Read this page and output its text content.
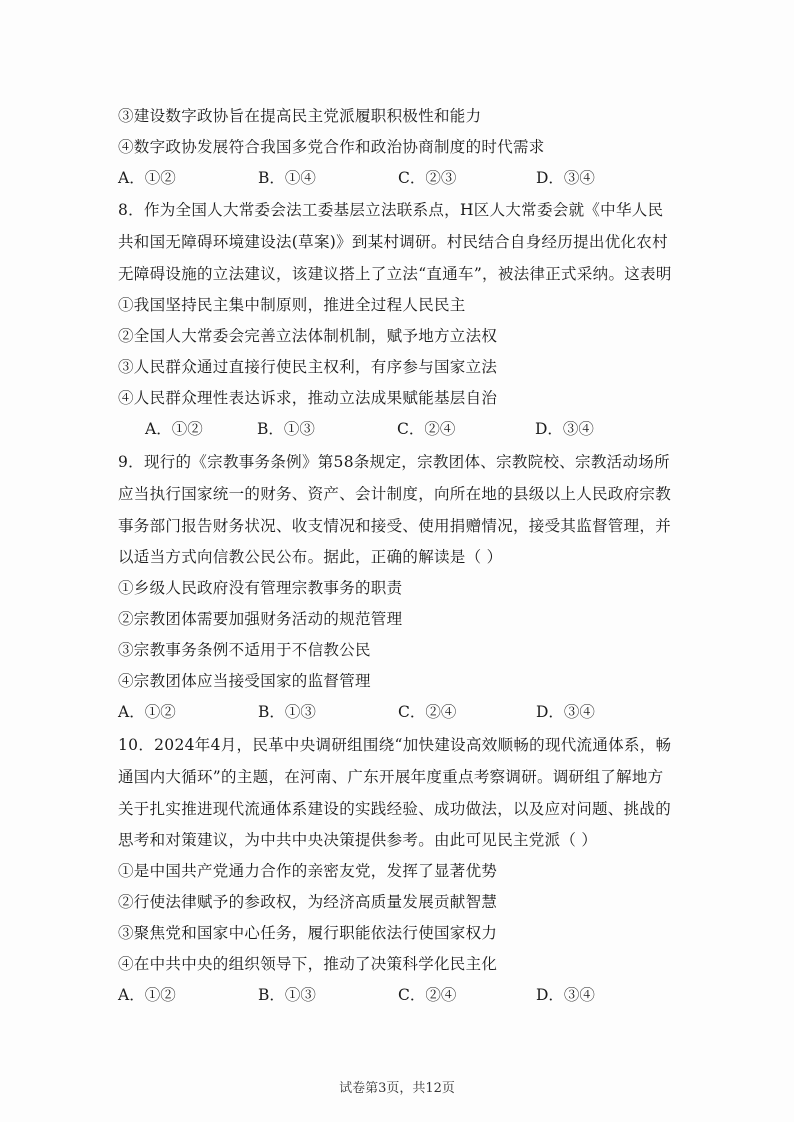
③建设数字政协旨在提高民主党派履职积极性和能力
④数字政协发展符合我国多党合作和政治协商制度的时代需求
A．①②	B．①④	C．②③	D．③④
8．作为全国人大常委会法工委基层立法联系点，H区人大常委会就《中华人民
共和国无障碍环境建设法(草案)》到某村调研。村民结合自身经历提出优化农村
无障碍设施的立法建议，该建议搭上了立法“直通车”，被法律正式采纳。这表明
①我国坚持民主集中制原则，推进全过程人民民主
②全国人大常委会完善立法体制机制，赋予地方立法权
③人民群众通过直接行使民主权利，有序参与国家立法
④人民群众理性表达诉求，推动立法成果赋能基层自治
A．①②	B．①③	C．②④	D．③④
9．现行的《宗教事务条例》第58条规定，宗教团体、宗教院校、宗教活动场所
应当执行国家统一的财务、资产、会计制度，向所在地的县级以上人民政府宗教
事务部门报告财务状况、收支情况和接受、使用捐赠情况，接受其监督管理，并
以适当方式向信教公民公布。据此，正确的解读是（ ）
①乡级人民政府没有管理宗教事务的职责
②宗教团体需要加强财务活动的规范管理
③宗教事务条例不适用于不信教公民
④宗教团体应当接受国家的监督管理
A．①②	B．①③	C．②④	D．③④
10．2024年4月，民革中央调研组围绕“加快建设高效顺畅的现代流通体系，畅
通国内大循环”的主题，在河南、广东开展年度重点考察调研。调研组了解地方
关于扎实推进现代流通体系建设的实践经验、成功做法，以及应对问题、挑战的
思考和对策建议，为中共中央决策提供参考。由此可见民主党派（ ）
①是中国共产党通力合作的亲密友党，发挥了显著优势
②行使法律赋予的参政权，为经济高质量发展贡献智慧
③聚焦党和国家中心任务，履行职能依法行使国家权力
④在中共中央的组织领导下，推动了决策科学化民主化
A．①②	B．①③	C．②④	D．③④
试卷第3页，共12页
